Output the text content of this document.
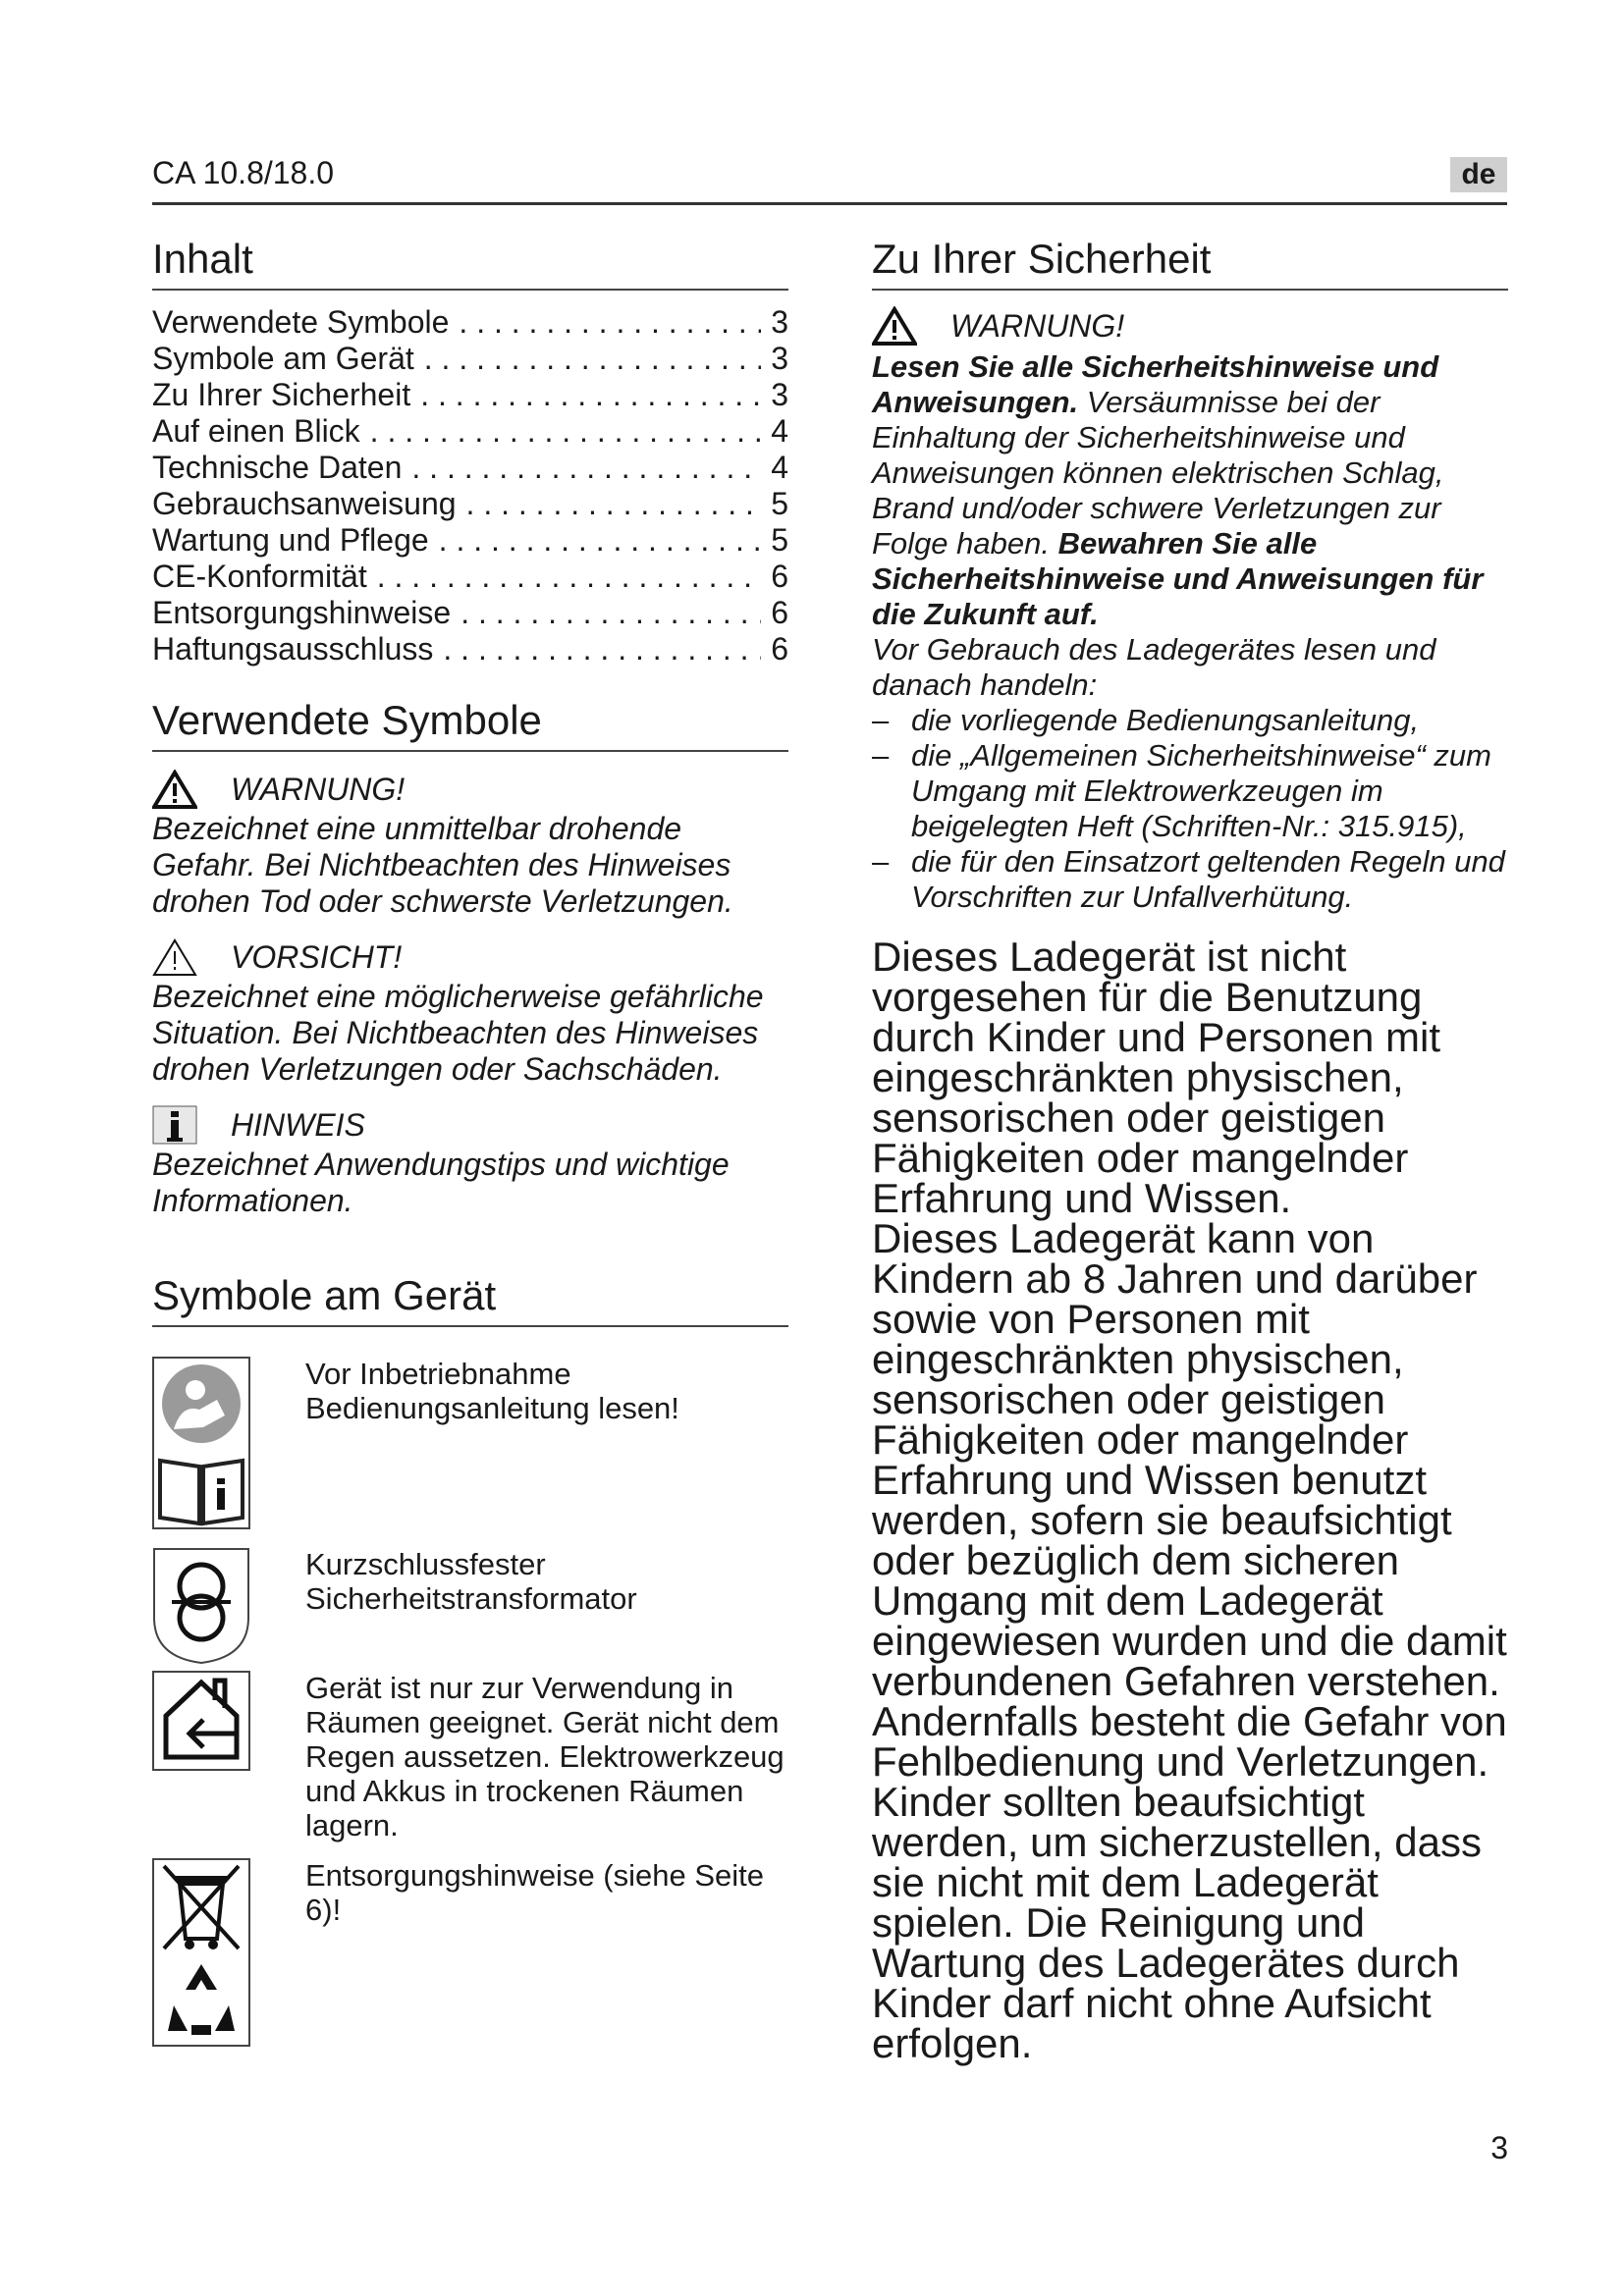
CA 10.8/18.0	de
Inhalt
Verwendete Symbole . . .	3
Symbole am Gerät . . .	3
Zu Ihrer Sicherheit . . .	3
Auf einen Blick . . .	4
Technische Daten . . .	4
Gebrauchsanweisung . . .	5
Wartung und Pflege . . .	5
CE-Konformität . . .	6
Entsorgungshinweise . . .	6
Haftungsausschluss . . .	6
Verwendete Symbole
WARNUNG!

Bezeichnet eine unmittelbar drohende Gefahr. Bei Nichtbeachten des Hinweises drohen Tod oder schwerste Verletzungen.

VORSICHT!

Bezeichnet eine möglicherweise gefährliche Situation. Bei Nichtbeachten des Hinweises drohen Verletzungen oder Sachschäden.

HINWEIS

Bezeichnet Anwendungstips und wichtige Informationen.

Symbole am Gerät
Vor Inbetriebnahme Bedienungsanleitung lesen!
Kurzschlussfester Sicherheitstransformator
Gerät ist nur zur Verwendung in Räumen geeignet. Gerät nicht dem Regen aussetzen. Elektrowerkzeug und Akkus in trockenen Räumen lagern.
Entsorgungshinweise (siehe Seite 6)!
Zu Ihrer Sicherheit
WARNUNG!

Lesen Sie alle Sicherheitshinweise und Anweisungen. Versäumnisse bei der Einhaltung der Sicherheitshinweise und Anweisungen können elektrischen Schlag, Brand und/oder schwere Verletzungen zur Folge haben. Bewahren Sie alle Sicherheitshinweise und Anweisungen für die Zukunft auf.

Vor Gebrauch des Ladegerätes lesen und danach handeln:

– die vorliegende Bedienungsanleitung,
– die „Allgemeinen Sicherheitshinweise“ zum Umgang mit Elektrowerkzeugen im beigelegten Heft (Schriften-Nr.: 315.915),
– die für den Einsatzort geltenden Regeln und Vorschriften zur Unfallverhütung.

Dieses Ladegerät ist nicht vorgesehen für die Benutzung durch Kinder und Personen mit eingeschränkten physischen, sensorischen oder geistigen Fähigkeiten oder mangelnder Erfahrung und Wissen.

Dieses Ladegerät kann von Kindern ab 8 Jahren und darüber sowie von Personen mit eingeschränkten physischen, sensorischen oder geistigen Fähigkeiten oder mangelnder Erfahrung und Wissen benutzt werden, sofern sie beaufsichtigt oder bezüglich dem sicheren Umgang mit dem Ladegerät eingewiesen wurden und die damit verbundenen Gefahren verstehen. Andernfalls besteht die Gefahr von Fehlbedienung und Verletzungen.

Kinder sollten beaufsichtigt werden, um sicherzustellen, dass sie nicht mit dem Ladegerät spielen. Die Reinigung und Wartung des Ladegerätes durch Kinder darf nicht ohne Aufsicht erfolgen.

3
